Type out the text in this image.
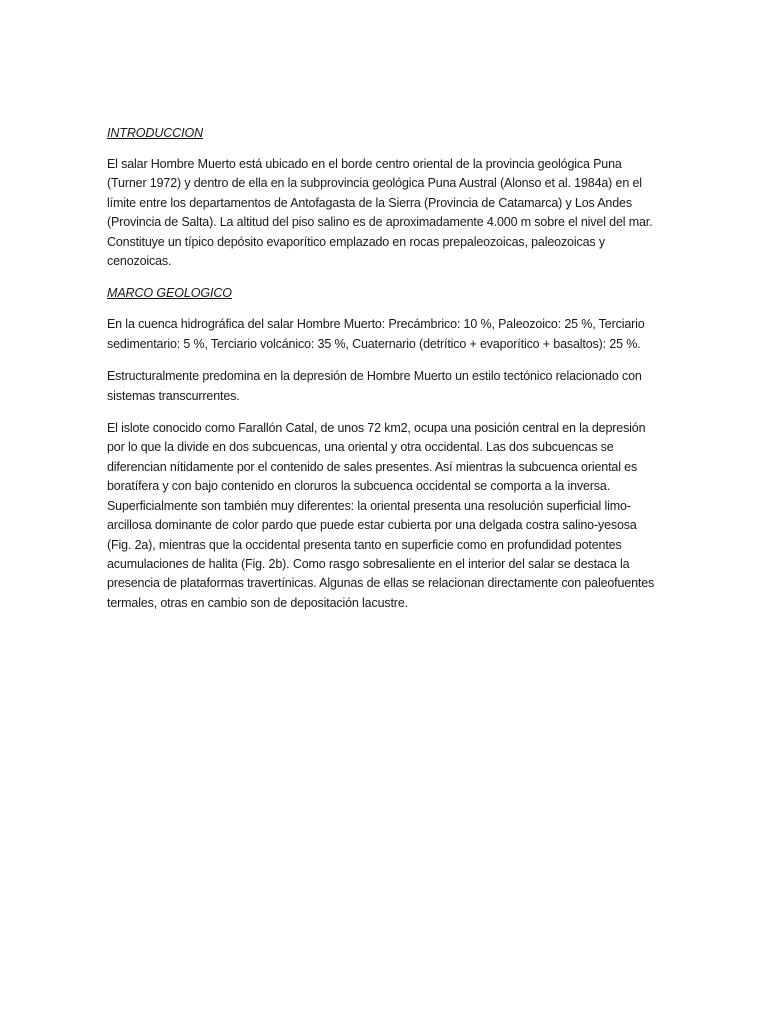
INTRODUCCION

El salar Hombre Muerto está ubicado en el borde centro oriental de la provincia geológica Puna (Turner 1972) y dentro de ella en la subprovincia geológica Puna Austral (Alonso et al. 1984a) en el límite entre los departamentos de Antofagasta de la Sierra (Provincia de Catamarca) y Los Andes (Provincia de Salta). La altitud del piso salino es de aproximadamente 4.000 m sobre el nivel del mar. Constituye un típico depósito evaporítico emplazado en rocas prepaleozoicas, paleozoicas y cenozoicas.

MARCO GEOLOGICO

En la cuenca hidrográfica del salar Hombre Muerto: Precámbrico: 10 %, Paleozoico: 25 %, Terciario sedimentario: 5 %, Terciario volcánico: 35 %, Cuaternario (detrítico + evaporítico + basaltos): 25 %.

Estructuralmente predomina en la depresión de Hombre Muerto un estilo tectónico relacionado con sistemas transcurrentes.

El islote conocido como Farallón Catal, de unos 72 km2, ocupa una posición central en la depresión por lo que la divide en dos subcuencas, una oriental y otra occidental. Las dos subcuencas se diferencian nítidamente por el contenido de sales presentes. Así mientras la subcuenca oriental es boratífera y con bajo contenido en cloruros la subcuenca occidental se comporta a la inversa. Superficialmente son también muy diferentes: la oriental presenta una resolución superficial limo-arcillosa dominante de color pardo que puede estar cubierta por una delgada costra salino-yesosa (Fig. 2a), mientras que la occidental presenta tanto en superficie como en profundidad potentes acumulaciones de halita (Fig. 2b). Como rasgo sobresaliente en el interior del salar se destaca la presencia de plataformas travertínicas. Algunas de ellas se relacionan directamente con paleofuentes termales, otras en cambio son de depositación lacustre.
